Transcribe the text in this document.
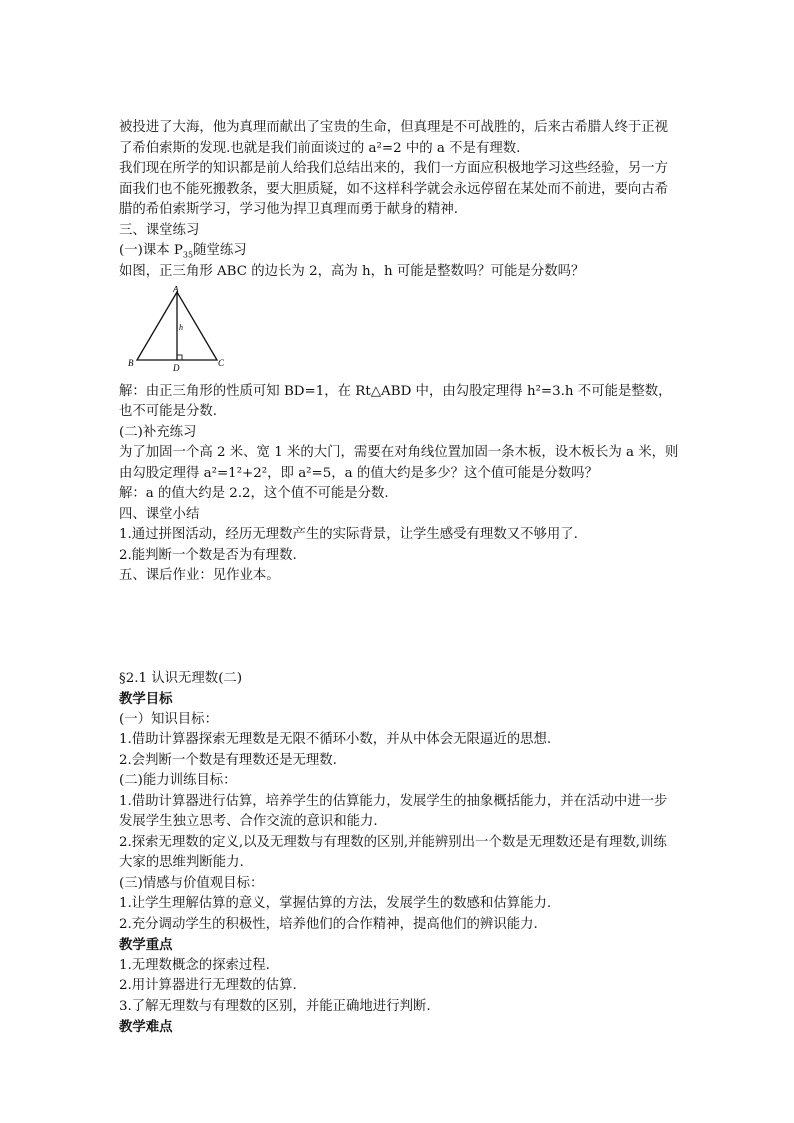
被投进了大海，他为真理而献出了宝贵的生命，但真理是不可战胜的，后来古希腊人终于正视了希伯索斯的发现.也就是我们前面谈过的 a²=2 中的 a 不是有理数.

我们现在所学的知识都是前人给我们总结出来的，我们一方面应积极地学习这些经验，另一方面我们也不能死搬教条，要大胆质疑，如不这样科学就会永远停留在某处而不前进，要向古希腊的希伯索斯学习，学习他为捍卫真理而勇于献身的精神.

三、课堂练习

(一)课本 $P_{35}$随堂练习

如图，正三角形 ABC 的边长为 2，高为 h，h 可能是整数吗？可能是分数吗？

A
B	C
D
h

解：由正三角形的性质可知 BD=1，在 Rt△ABD 中，由勾股定理得 h²=3.h 不可能是整数，也不可能是分数.

(二)补充练习

为了加固一个高 2 米、宽 1 米的大门，需要在对角线位置加固一条木板，设木板长为 a 米，则由勾股定理得 a²=1²+2²，即 a²=5，a 的值大约是多少？这个值可能是分数吗？

解：a 的值大约是 2.2，这个值不可能是分数.

四、课堂小结

1.通过拼图活动，经历无理数产生的实际背景，让学生感受有理数又不够用了.

2.能判断一个数是否为有理数.

五、课后作业：见作业本。

§2.1 认识无理数(二)

教学目标

(一）知识目标：

1.借助计算器探索无理数是无限不循环小数，并从中体会无限逼近的思想.

2.会判断一个数是有理数还是无理数.

(二)能力训练目标：

1.借助计算器进行估算，培养学生的估算能力，发展学生的抽象概括能力，并在活动中进一步发展学生独立思考、合作交流的意识和能力.

2.探索无理数的定义,以及无理数与有理数的区别,并能辨别出一个数是无理数还是有理数,训练大家的思维判断能力.

(三)情感与价值观目标：

1.让学生理解估算的意义，掌握估算的方法，发展学生的数感和估算能力.

2.充分调动学生的积极性，培养他们的合作精神，提高他们的辨识能力.

教学重点

1.无理数概念的探索过程.

2.用计算器进行无理数的估算.

3.了解无理数与有理数的区别，并能正确地进行判断.

教学难点
